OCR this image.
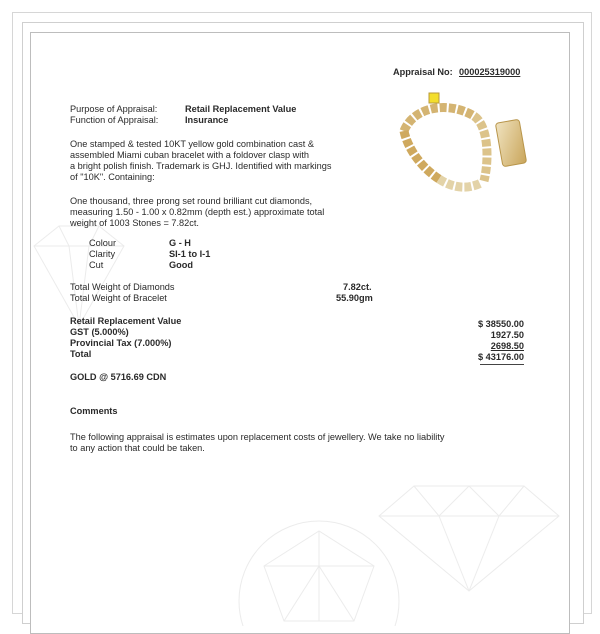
Appraisal No: 000025319000
Purpose of Appraisal:	Retail Replacement Value
Function of Appraisal:	Insurance
One stamped & tested 10KT yellow gold combination cast &
assembled Miami cuban bracelet with a foldover clasp with
a bright polish finish. Trademark is GHJ. Identified with markings
of "10K". Containing:
One thousand, three prong set round brilliant cut diamonds,
measuring 1.50 - 1.00 x 0.82mm (depth est.) approximate total
weight of 1003 Stones = 7.82ct.
Colour	G - H
Clarity	SI-1 to I-1
Cut	Good
Total Weight of Diamonds	7.82ct.
Total Weight of Bracelet	55.90gm
Retail Replacement Value	$ 38550.00
GST (5.000%)	1927.50
Provincial Tax (7.000%)	2698.50
Total	$ 43176.00
GOLD @ 5716.69 CDN
Comments
The following appraisal is estimates upon replacement costs of jewellery. We take no liability
to any action that could be taken.
